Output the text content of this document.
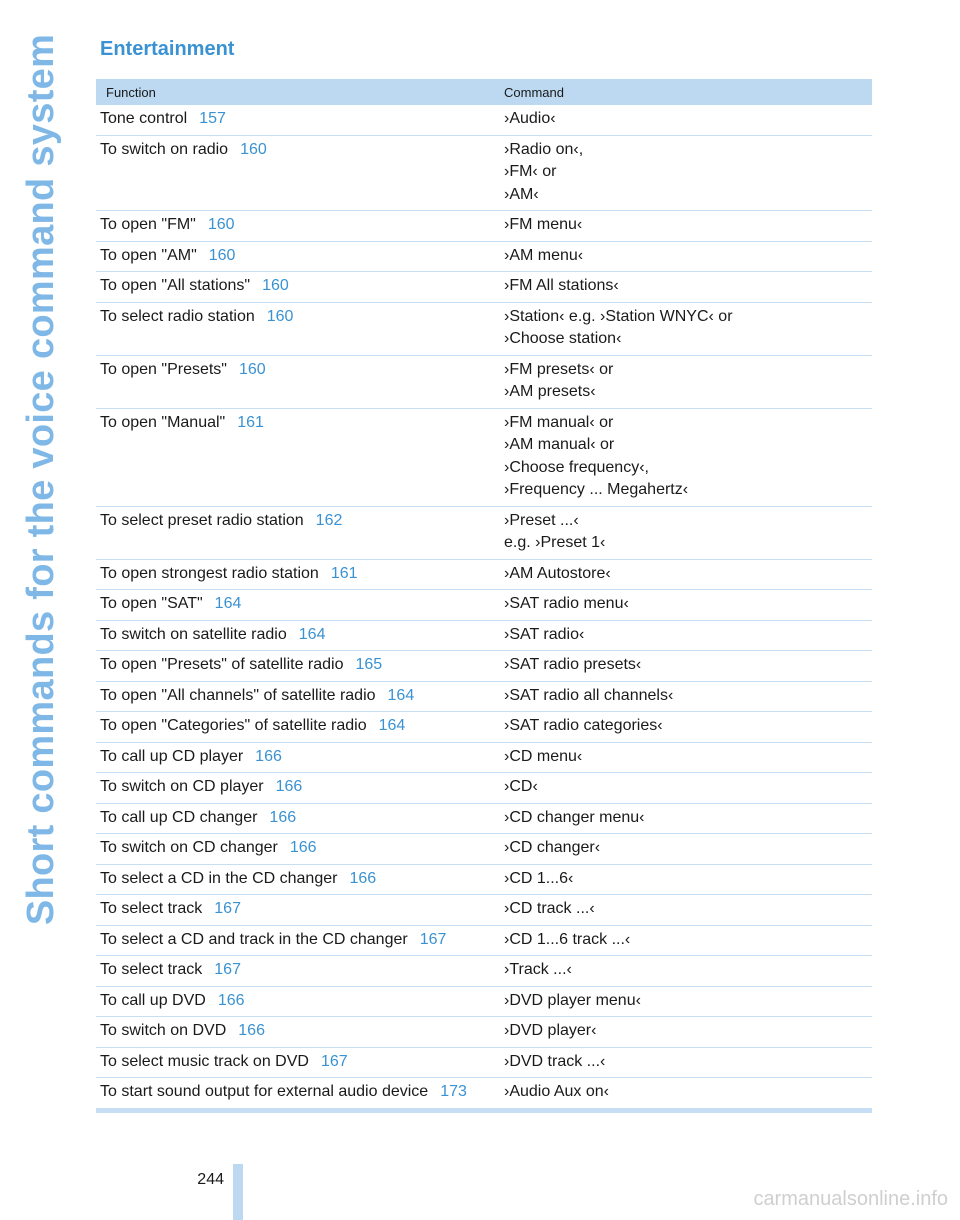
Short commands for the voice command system Entertainment
Function	Command
Tone control 157	›Audio‹
To switch on radio 160	›Radio on‹,
›FM‹ or
›AM‹
To open "FM" 160	›FM menu‹
To open "AM" 160	›AM menu‹
To open "All stations" 160	›FM All stations‹
To select radio station 160	›Station‹ e.g. ›Station WNYC‹ or
›Choose station‹
To open "Presets" 160	›FM presets‹ or
›AM presets‹
To open "Manual" 161	›FM manual‹ or
›AM manual‹ or
›Choose frequency‹,
›Frequency ... Megahertz‹
To select preset radio station 162	›Preset ...‹
e.g. ›Preset 1‹
To open strongest radio station 161	›AM Autostore‹
To open "SAT" 164	›SAT radio menu‹
To switch on satellite radio 164	›SAT radio‹
To open "Presets" of satellite radio 165	›SAT radio presets‹
To open "All channels" of satellite radio 164	›SAT radio all channels‹
To open "Categories" of satellite radio 164	›SAT radio categories‹
To call up CD player 166	›CD menu‹
To switch on CD player 166	›CD‹
To call up CD changer 166	›CD changer menu‹
To switch on CD changer 166	›CD changer‹
To select a CD in the CD changer 166	›CD 1...6‹
To select track 167	›CD track ...‹
To select a CD and track in the CD changer 167	›CD 1...6 track ...‹
To select track 167	›Track ...‹
To call up DVD 166	›DVD player menu‹
To switch on DVD 166	›DVD player‹
To select music track on DVD 167	›DVD track ...‹
To start sound output for external audio device 173	›Audio Aux on‹
244
carmanualsonline.info
